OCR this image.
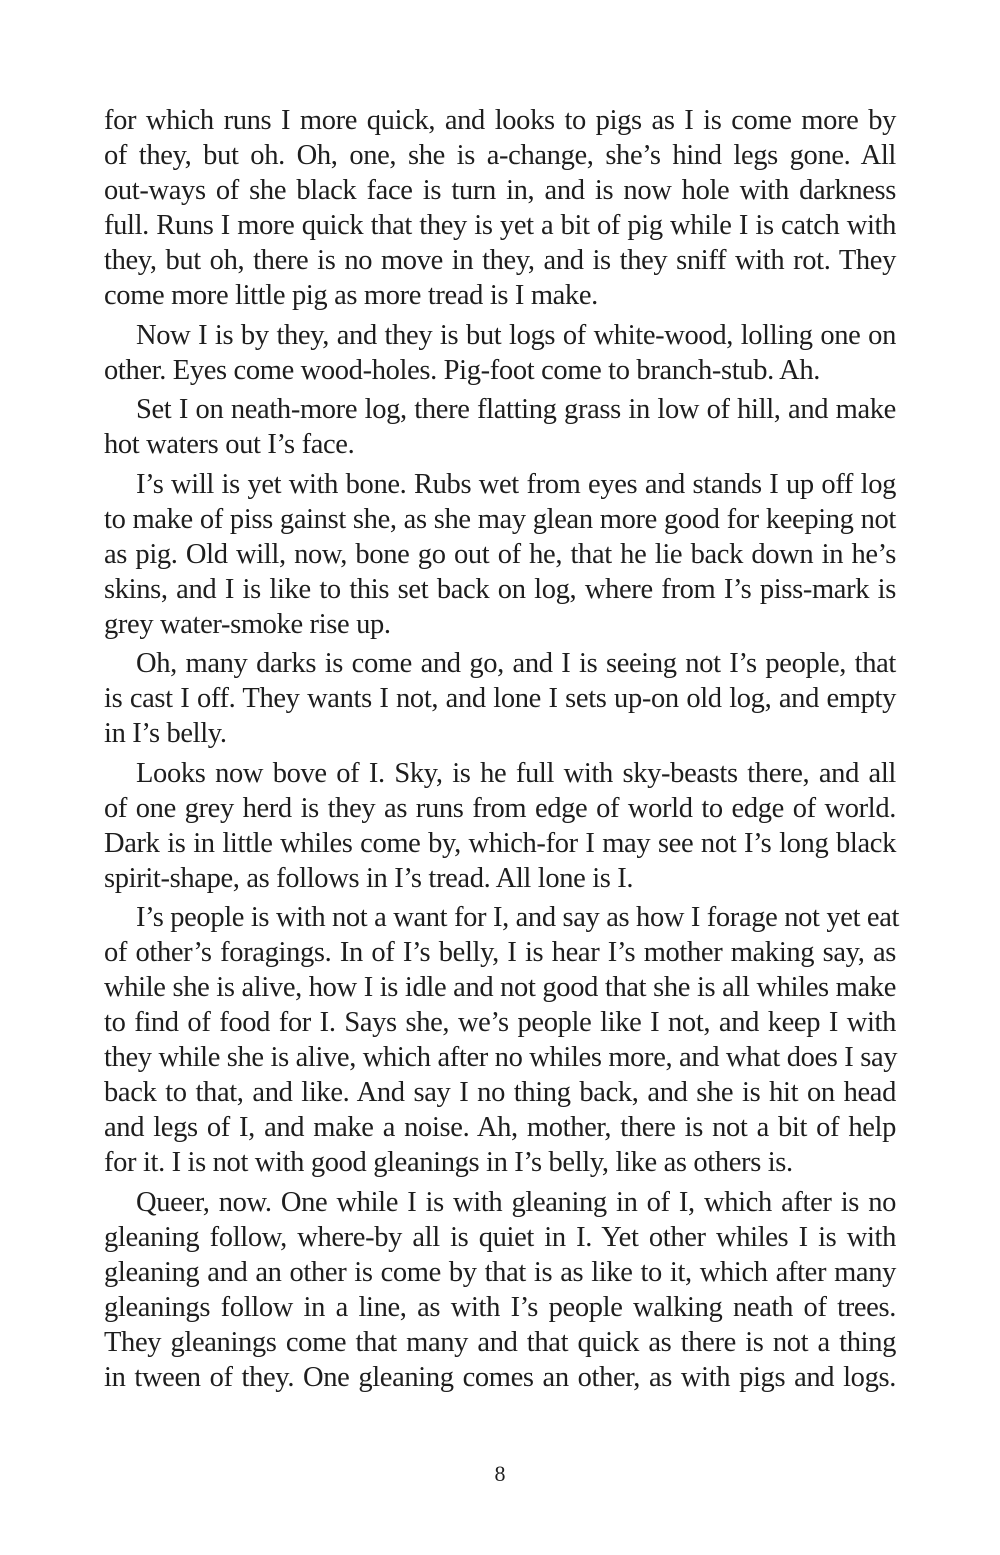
for which runs I more quick, and looks to pigs as I is come more by
of they, but oh. Oh, one, she is a-change, she’s hind legs gone. All
out-ways of she black face is turn in, and is now hole with darkness
full. Runs I more quick that they is yet a bit of pig while I is catch with
they, but oh, there is no move in they, and is they sniff with rot. They
come more little pig as more tread is I make.

Now I is by they, and they is but logs of white-wood, lolling one on
other. Eyes come wood-holes. Pig-foot come to branch-stub. Ah.

Set I on neath-more log, there flatting grass in low of hill, and make
hot waters out I’s face.

I’s will is yet with bone. Rubs wet from eyes and stands I up off log
to make of piss gainst she, as she may glean more good for keeping not
as pig. Old will, now, bone go out of he, that he lie back down in he’s
skins, and I is like to this set back on log, where from I’s piss-mark is
grey water-smoke rise up.

Oh, many darks is come and go, and I is seeing not I’s people, that
is cast I off. They wants I not, and lone I sets up-on old log, and empty
in I’s belly.

Looks now bove of I. Sky, is he full with sky-beasts there, and all
of one grey herd is they as runs from edge of world to edge of world.
Dark is in little whiles come by, which-for I may see not I’s long black
spirit-shape, as follows in I’s tread. All lone is I.

I’s people is with not a want for I, and say as how I forage not yet eat
of other’s foragings. In of I’s belly, I is hear I’s mother making say, as
while she is alive, how I is idle and not good that she is all whiles make
to find of food for I. Says she, we’s people like I not, and keep I with
they while she is alive, which after no whiles more, and what does I say
back to that, and like. And say I no thing back, and she is hit on head
and legs of I, and make a noise. Ah, mother, there is not a bit of help
for it. I is not with good gleanings in I’s belly, like as others is.

Queer, now. One while I is with gleaning in of I, which after is no
gleaning follow, where-by all is quiet in I. Yet other whiles I is with
gleaning and an other is come by that is as like to it, which after many
gleanings follow in a line, as with I’s people walking neath of trees.
They gleanings come that many and that quick as there is not a thing
in tween of they. One gleaning comes an other, as with pigs and logs.

8
